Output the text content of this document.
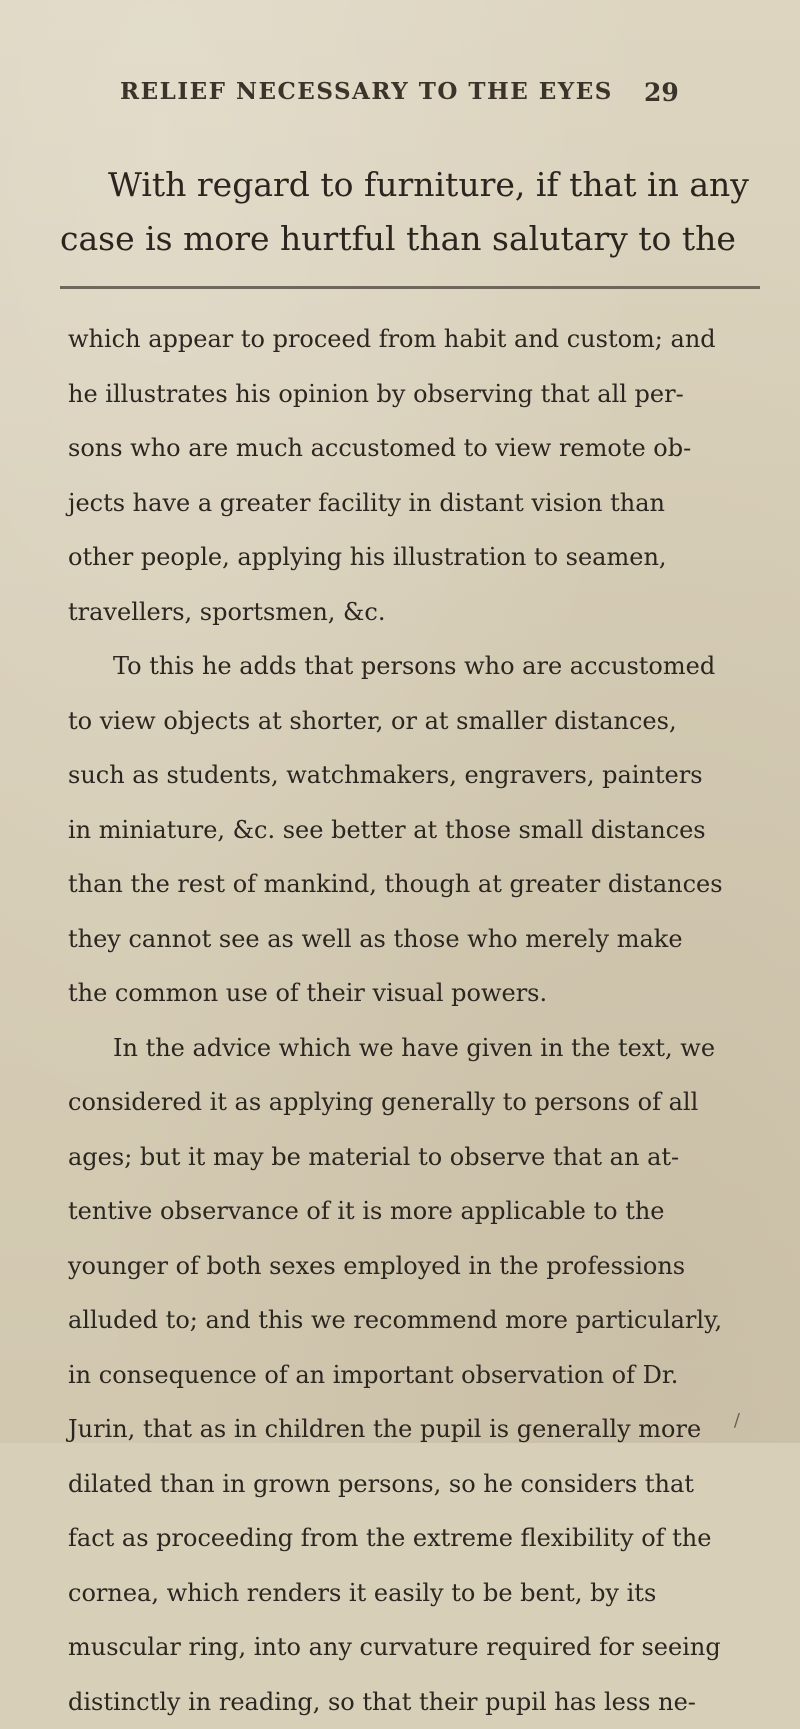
RELIEF NECESSARY TO THE EYES 29
With regard to furniture, if that in any
case is more hurtful than salutary to the
which appear to proceed from habit and custom; and
he illustrates his opinion by observing that all per-
sons who are much accustomed to view remote ob-
jects have a greater facility in distant vision than
other people, applying his illustration to seamen,
travellers, sportsmen, &c.
To this he adds that persons who are accustomed
to view objects at shorter, or at smaller distances,
such as students, watchmakers, engravers, painters
in miniature, &c. see better at those small distances
than the rest of mankind, though at greater distances
they cannot see as well as those who merely make
the common use of their visual powers.
In the advice which we have given in the text, we
considered it as applying generally to persons of all
ages; but it may be material to observe that an at-
tentive observance of it is more applicable to the
younger of both sexes employed in the professions
alluded to; and this we recommend more particularly,
in consequence of an important observation of Dr.
Jurin, that as in children the pupil is generally more
dilated than in grown persons, so he considers that
fact as proceeding from the extreme flexibility of the
cornea, which renders it easily to be bent, by its
muscular ring, into any curvature required for seeing
distinctly in reading, so that their pupil has less ne-
/
